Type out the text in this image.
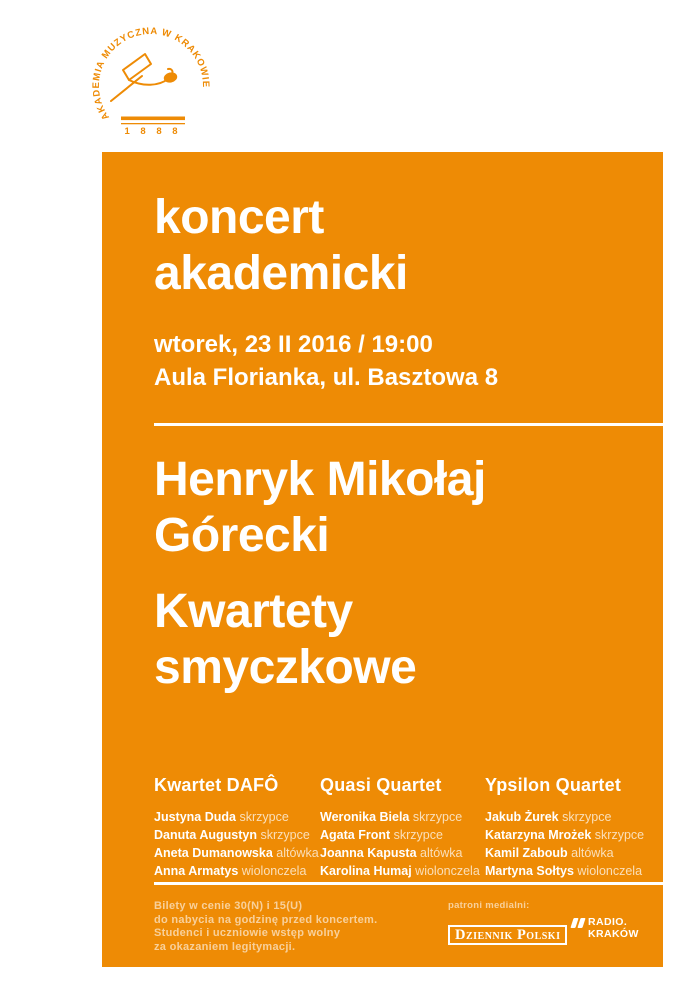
AKADEMIA MUZYCZNA W KRAKOWIE
1 8 8 8
koncert
akademicki
wtorek, 23 II 2016 / 19:00
Aula Florianka, ul. Basztowa 8
Henryk Mikołaj
Górecki
Kwartety
smyczkowe
Kwartet DAFÔ
Justyna Duda skrzypce
Danuta Augustyn skrzypce
Aneta Dumanowska altówka
Anna Armatys wiolonczela
Quasi Quartet
Weronika Biela skrzypce
Agata Front skrzypce
Joanna Kapusta altówka
Karolina Humaj wiolonczela
Ypsilon Quartet
Jakub Żurek skrzypce
Katarzyna Mrożek skrzypce
Kamil Zaboub altówka
Martyna Sołtys wiolonczela
Bilety w cenie 30(N) i 15(U)
do nabycia na godzinę przed koncertem.
Studenci i uczniowie wstęp wolny
za okazaniem legitymacji.
patroni medialni:
Dziennik Polski
RADIO.
KRAKÓW
